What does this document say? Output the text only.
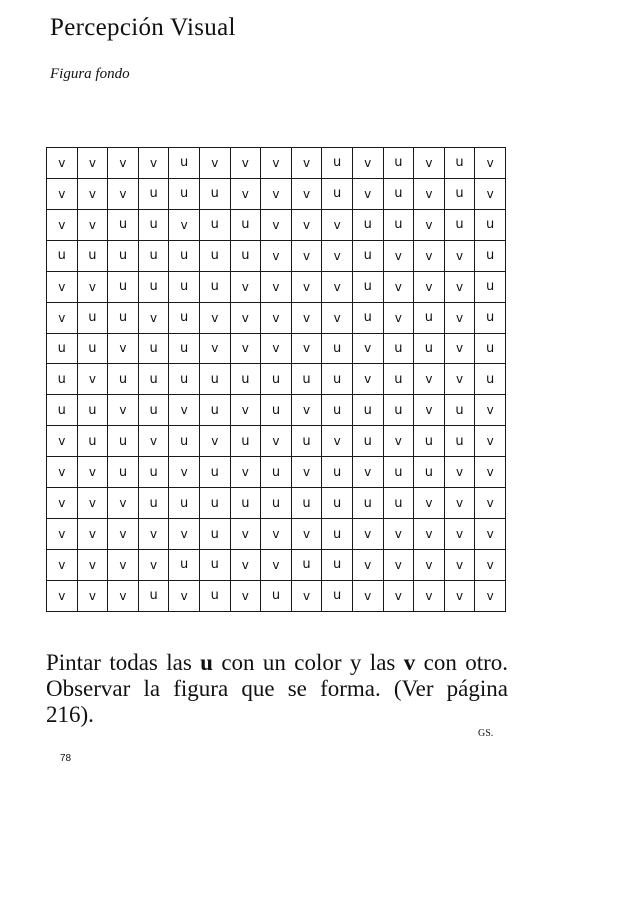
Percepción Visual

Figura fondo

v	v	v	v	u	v	v	v	v	u	v	u	v	u	v
v	v	v	u	u	u	v	v	v	u	v	u	v	u	v
v	v	u	u	v	u	u	v	v	v	u	u	v	u	u
u	u	u	u	u	u	u	v	v	v	u	v	v	v	u
v	v	u	u	u	u	v	v	v	v	u	v	v	v	u
v	u	u	v	u	v	v	v	v	v	u	v	u	v	u
u	u	v	u	u	v	v	v	v	u	v	u	u	v	u
u	v	u	u	u	u	u	u	u	u	v	u	v	v	u
u	u	v	u	v	u	v	u	v	u	u	u	v	u	v
v	u	u	v	u	v	u	v	u	v	u	v	u	u	v
v	v	u	u	v	u	v	u	v	u	v	u	u	v	v
v	v	v	u	u	u	u	u	u	u	u	u	v	v	v
v	v	v	v	v	u	v	v	v	u	v	v	v	v	v
v	v	v	v	u	u	v	v	u	u	v	v	v	v	v
v	v	v	u	v	u	v	u	v	u	v	v	v	v	v

Pintar todas las u con un color y las v con otro. Observar la figura que se forma. (Ver página 216).

GS.

78
